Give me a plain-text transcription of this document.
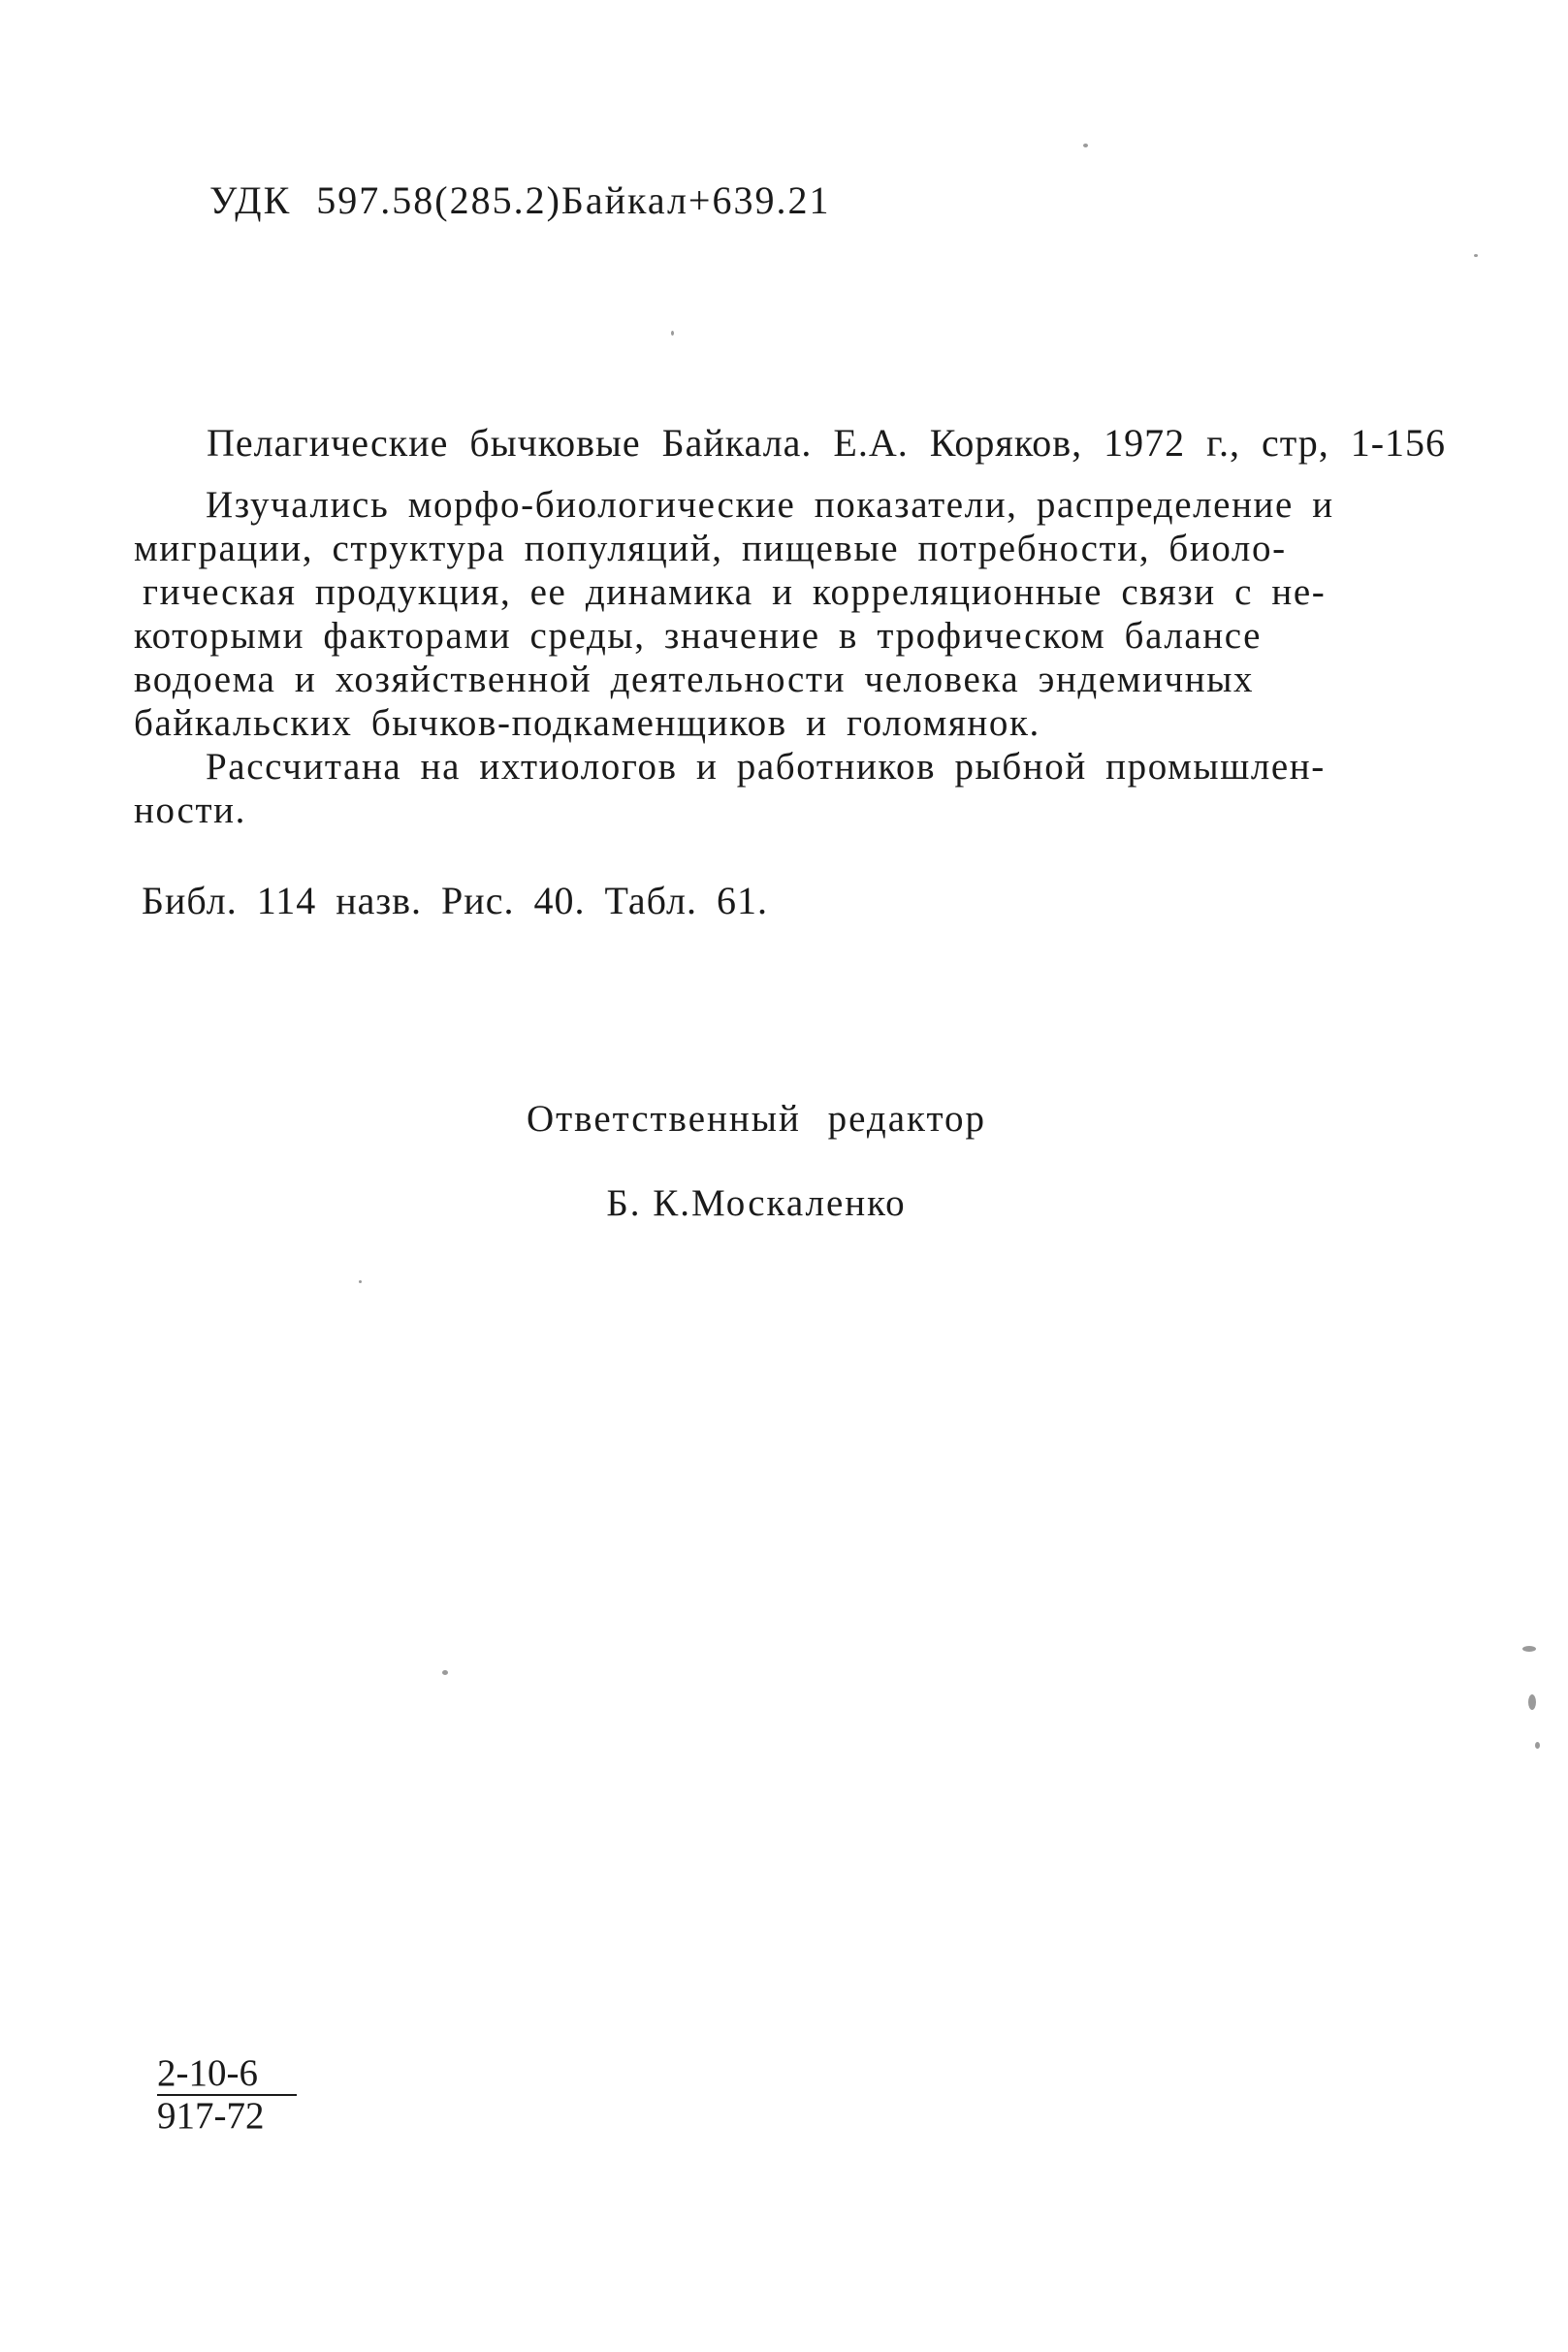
УДК 597.58(285.2)Байкал+639.21
Пелагические бычковые Байкала. Е.А. Коряков, 1972 г., стр, 1-156
Изучались морфо-биологические показатели, распределение и
миграции, структура популяций, пищевые потребности, биоло-
гическая продукция, ее динамика и корреляционные связи с не-
которыми факторами среды, значение в трофическом балансе
водоема и хозяйственной деятельности человека эндемичных
байкальских бычков-подкаменщиков и голомянок.
Рассчитана на ихтиологов и работников рыбной промышлен-
ности.
Библ. 114 назв. Рис. 40. Табл. 61.
Ответственный редактор
Б. К.Москаленко
$\frac{2-10-6}{917-72}$
